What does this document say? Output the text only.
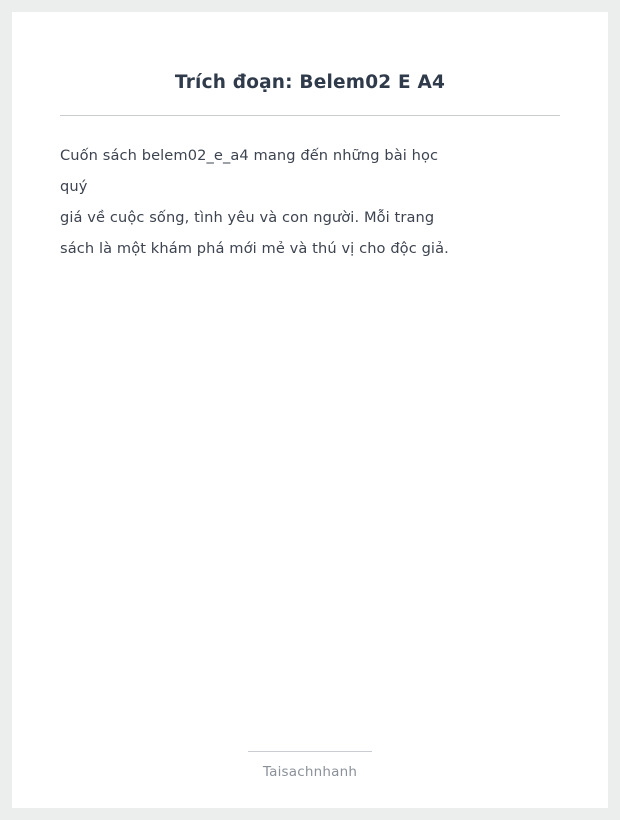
Trích đoạn: Belem02 E A4
Cuốn sách belem02_e_a4 mang đến những bài học quý
giá về cuộc sống, tình yêu và con người. Mỗi trang
sách là một khám phá mới mẻ và thú vị cho độc giả.
Taisachnhanh
